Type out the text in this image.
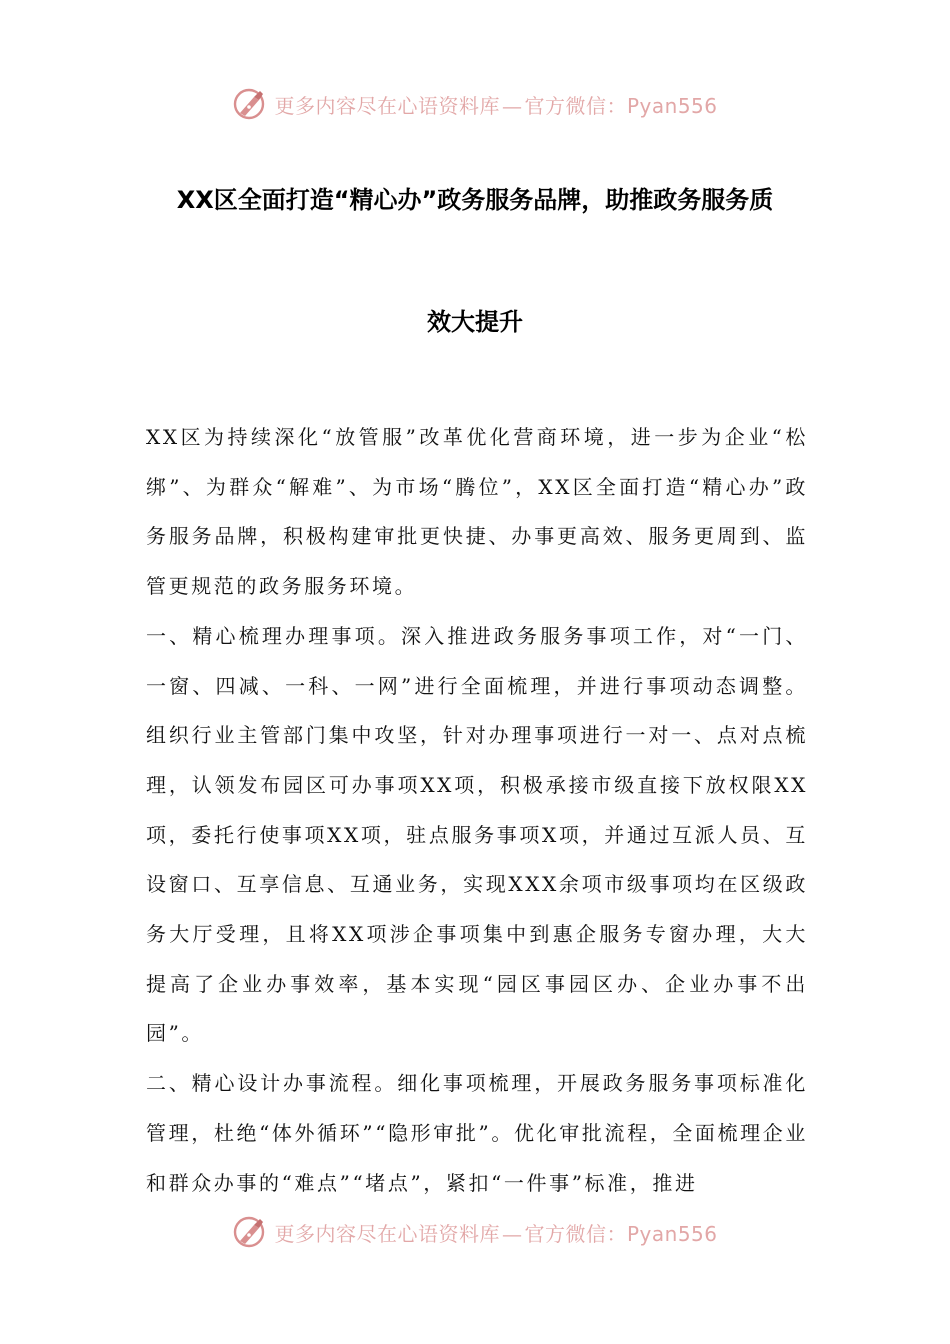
更多内容尽在心语资料库 — 官方微信：Pyan556
XX区全面打造“精心办”政务服务品牌，助推政务服务质
效大提升

XX区为持续深化“放管服”改革优化营商环境，进一步为企业“松绑”、为群众“解难”、为市场“腾位”，XX区全面打造“精心办”政务服务品牌，积极构建审批更快捷、办事更高效、服务更周到、监管更规范的政务服务环境。

一、精心梳理办理事项。深入推进政务服务事项工作，对“一门、一窗、四减、一科、一网”进行全面梳理，并进行事项动态调整。组织行业主管部门集中攻坚，针对办理事项进行一对一、点对点梳理，认领发布园区可办事项XX项，积极承接市级直接下放权限XX项，委托行使事项XX项，驻点服务事项X项，并通过互派人员、互设窗口、互享信息、互通业务，实现XXX余项市级事项均在区级政务大厅受理，且将XX项涉企事项集中到惠企服务专窗办理，大大提高了企业办事效率，基本实现“园区事园区办、企业办事不出园”。

二、精心设计办事流程。细化事项梳理，开展政务服务事项标准化管理，杜绝“体外循环”“隐形审批”。优化审批流程，全面梳理企业和群众办事的“难点”“堵点”，紧扣“一件事”标准，推进

更多内容尽在心语资料库 — 官方微信：Pyan556
